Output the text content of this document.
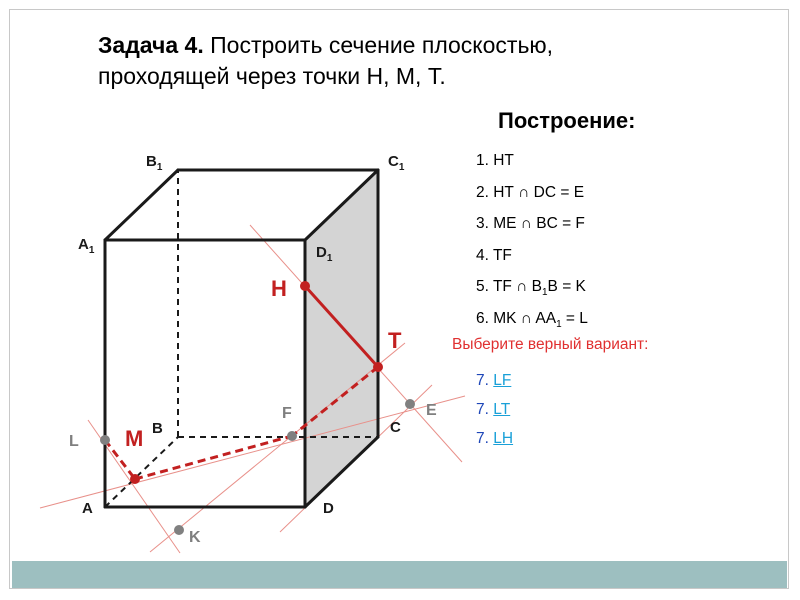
Задача 4. Построить сечение плоскостью,
проходящей через точки Н, М, Т.
$B_1$	$C_1$
$A_1$	$D_1$
B	C
A	D
H
T
M
F	E
L
K
Построение:
1. НТ
2. НТ ∩ DC = E
3. МЕ ∩ BC = F
4. TF
5. TF ∩ $B_1B = K$
6. MK ∩ $AA_1 = L$
Выберите верный вариант:
7. LF
7. LT
7. LH
